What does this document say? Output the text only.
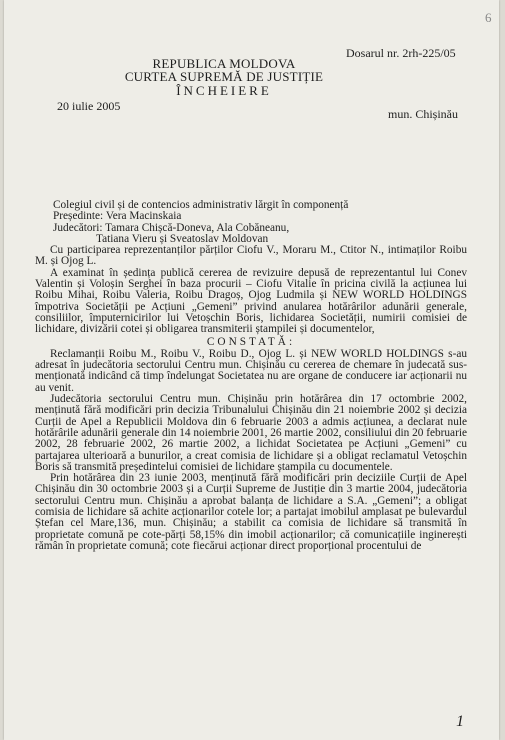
6
Dosarul nr. 2rh-225/05
REPUBLICA MOLDOVA
CURTEA SUPREMĂ DE JUSTIȚIE
ÎNCHEIERE
20 iulie 2005
mun. Chișinău

Colegiul civil și de contencios administrativ lărgit în componență

Președinte: Vera Macinskaia

Judecători: Tamara Chișcă-Doneva, Ala Cobăneanu,

Tatiana Vieru și Sveatoslav Moldovan

Cu participarea reprezentanților părților Ciofu V., Moraru M., Ctitor N., intimaților Roibu M. și Ojog L.

A examinat în ședința publică cererea de revizuire depusă de reprezentantul lui Conev Valentin și Voloșin Serghei în baza procurii – Ciofu Vitalie în pricina civilă la acțiunea lui Roibu Mihai, Roibu Valeria, Roibu Dragoș, Ojog Ludmila și NEW WORLD HOLDINGS împotriva Societății pe Acțiuni „Gemeni” privind anularea hotărârilor adunării generale, consiliilor, împuternicirilor lui Vetoșchin Boris, lichidarea Societății, numirii comisiei de lichidare, divizării cotei și obligarea transmiterii ștampilei și documentelor,

CONSTATĂ:

Reclamanții Roibu M., Roibu V., Roibu D., Ojog L. și NEW WORLD HOLDINGS s-au adresat în judecătoria sectorului Centru mun. Chișinău cu cererea de chemare în judecată sus-menționată indicând că timp îndelungat Societatea nu are organe de conducere iar acționarii nu au venit.

Judecătoria sectorului Centru mun. Chișinău prin hotărârea din 17 octombrie 2002, menținută fără modificări prin decizia Tribunalului Chișinău din 21 noiembrie 2002 și decizia Curții de Apel a Republicii Moldova din 6 februarie 2003 a admis acțiunea, a declarat nule hotărârile adunării generale din 14 noiembrie 2001, 26 martie 2002, consiliului din 20 februarie 2002, 28 februarie 2002, 26 martie 2002, a lichidat Societatea pe Acțiuni „Gemeni” cu partajarea ulterioară a bunurilor, a creat comisia de lichidare și a obligat reclamatul Vetoșchin Boris să transmită președintelui comisiei de lichidare ștampila cu documentele.

Prin hotărârea din 23 iunie 2003, menținută fără modificări prin deciziile Curții de Apel Chișinău din 30 octombrie 2003 și a Curții Supreme de Justiție din 3 martie 2004, judecătoria sectorului Centru mun. Chișinău a aprobat balanța de lichidare a S.A. „Gemeni”; a obligat comisia de lichidare să achite acționarilor cotele lor; a partajat imobilul amplasat pe bulevardul Ștefan cel Mare,136, mun. Chișinău; a stabilit ca comisia de lichidare să transmită în proprietate comună pe cote-părți 58,15% din imobil acționarilor; că comunicațiile inginerești rămân în proprietate comună; cote fiecărui acționar direct proporțional procentului de

1
